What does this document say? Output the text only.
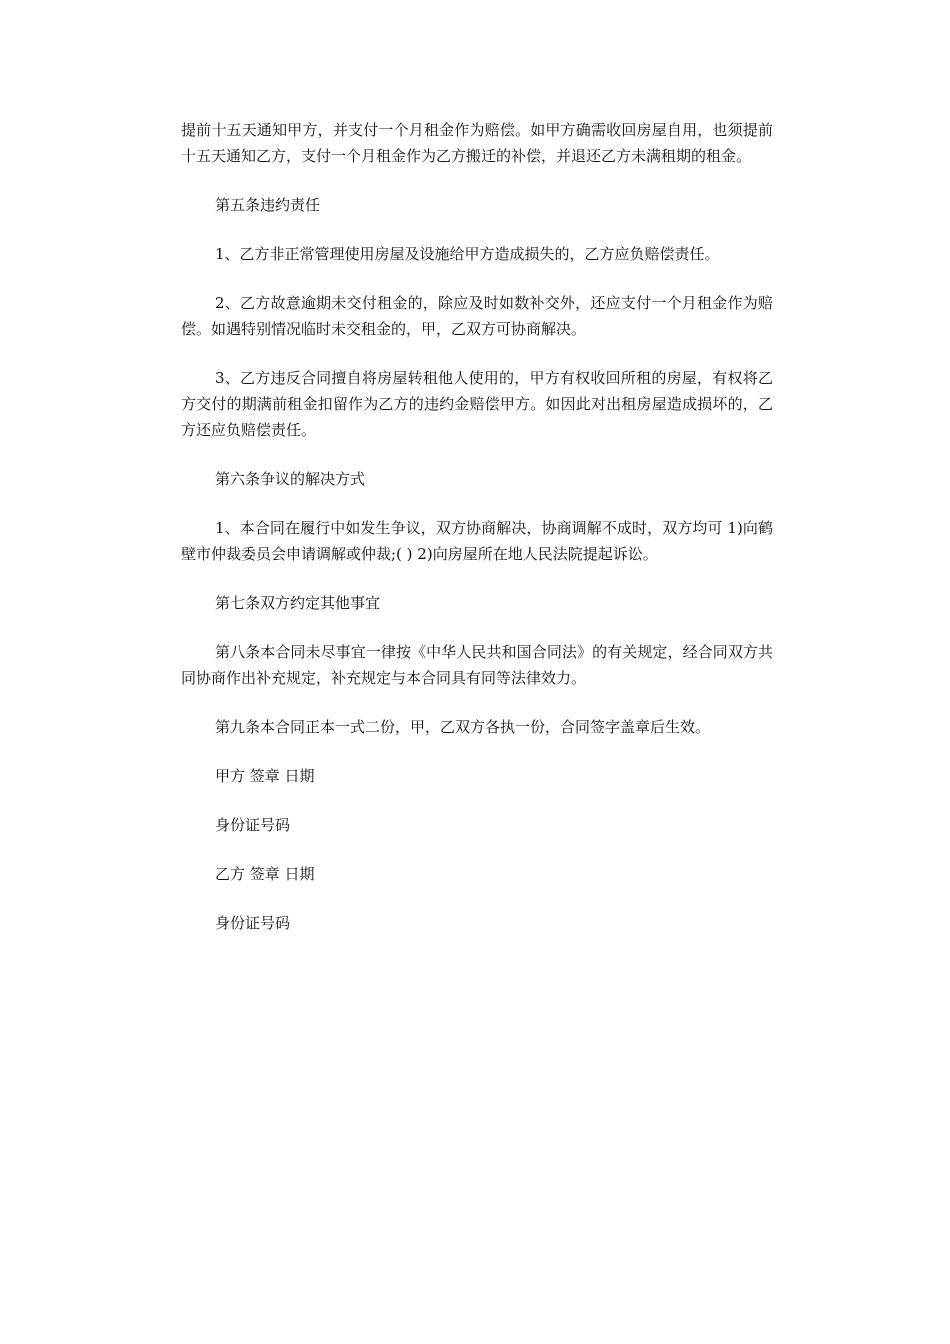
提前十五天通知甲方，并支付一个月租金作为赔偿。如甲方确需收回房屋自用，也须提前十五天通知乙方，支付一个月租金作为乙方搬迁的补偿，并退还乙方未满租期的租金。

第五条违约责任

1、乙方非正常管理使用房屋及设施给甲方造成损失的，乙方应负赔偿责任。

2、乙方故意逾期未交付租金的，除应及时如数补交外，还应支付一个月租金作为赔偿。如遇特别情况临时未交租金的，甲，乙双方可协商解决。

3、乙方违反合同擅自将房屋转租他人使用的，甲方有权收回所租的房屋，有权将乙方交付的期满前租金扣留作为乙方的违约金赔偿甲方。如因此对出租房屋造成损坏的，乙方还应负赔偿责任。

第六条争议的解决方式

1、本合同在履行中如发生争议，双方协商解决，协商调解不成时，双方均可 1)向鹤壁市仲裁委员会申请调解或仲裁;( ) 2)向房屋所在地人民法院提起诉讼。

第七条双方约定其他事宜

第八条本合同未尽事宜一律按《中华人民共和国合同法》的有关规定，经合同双方共同协商作出补充规定，补充规定与本合同具有同等法律效力。

第九条本合同正本一式二份，甲，乙双方各执一份，合同签字盖章后生效。

甲方 签章 日期

身份证号码

乙方 签章 日期

身份证号码
